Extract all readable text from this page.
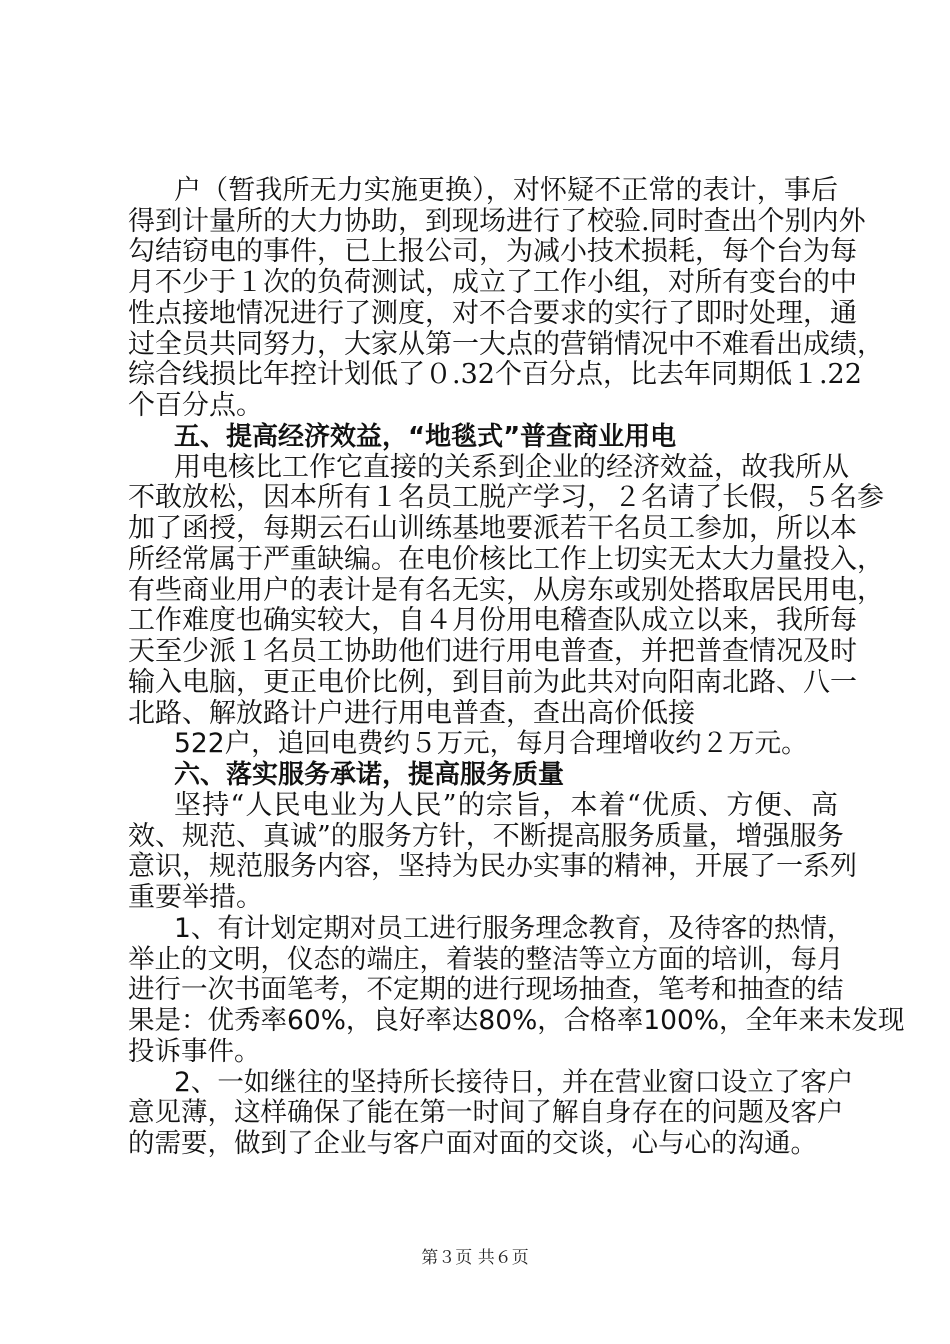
户（暂我所无力实施更换），对怀疑不正常的表计，事后
得到计量所的大力协助，到现场进行了校验.同时查出个别内外
勾结窃电的事件，已上报公司，为减小技术损耗，每个台为每
月不少于１次的负荷测试，成立了工作小组，对所有变台的中
性点接地情况进行了测度，对不合要求的实行了即时处理，通
过全员共同努力，大家从第一大点的营销情况中不难看出成绩，
综合线损比年控计划低了０.32个百分点，比去年同期低１.22
个百分点。
五、提高经济效益，“地毯式”普查商业用电
用电核比工作它直接的关系到企业的经济效益，故我所从
不敢放松，因本所有１名员工脱产学习，２名请了长假，５名参
加了函授，每期云石山训练基地要派若干名员工参加，所以本
所经常属于严重缺编。在电价核比工作上切实无太大力量投入，
有些商业用户的表计是有名无实，从房东或别处搭取居民用电，
工作难度也确实较大，自４月份用电稽查队成立以来，我所每
天至少派１名员工协助他们进行用电普查，并把普查情况及时
输入电脑，更正电价比例，到目前为此共对向阳南北路、八一
北路、解放路计户进行用电普查，查出高价低接
522户，追回电费约５万元，每月合理增收约２万元。
六、落实服务承诺，提高服务质量
坚持“人民电业为人民”的宗旨，本着“优质、方便、高
效、规范、真诚”的服务方针，不断提高服务质量，增强服务
意识，规范服务内容，坚持为民办实事的精神，开展了一系列
重要举措。
1、有计划定期对员工进行服务理念教育，及待客的热情，
举止的文明，仪态的端庄，着装的整洁等立方面的培训，每月
进行一次书面笔考，不定期的进行现场抽查，笔考和抽查的结
果是：优秀率60%，良好率达80%，合格率100%，全年来未发现
投诉事件。
2、一如继往的坚持所长接待日，并在营业窗口设立了客户
意见薄，这样确保了能在第一时间了解自身存在的问题及客户
的需要，做到了企业与客户面对面的交谈，心与心的沟通。
第３页 共６页
